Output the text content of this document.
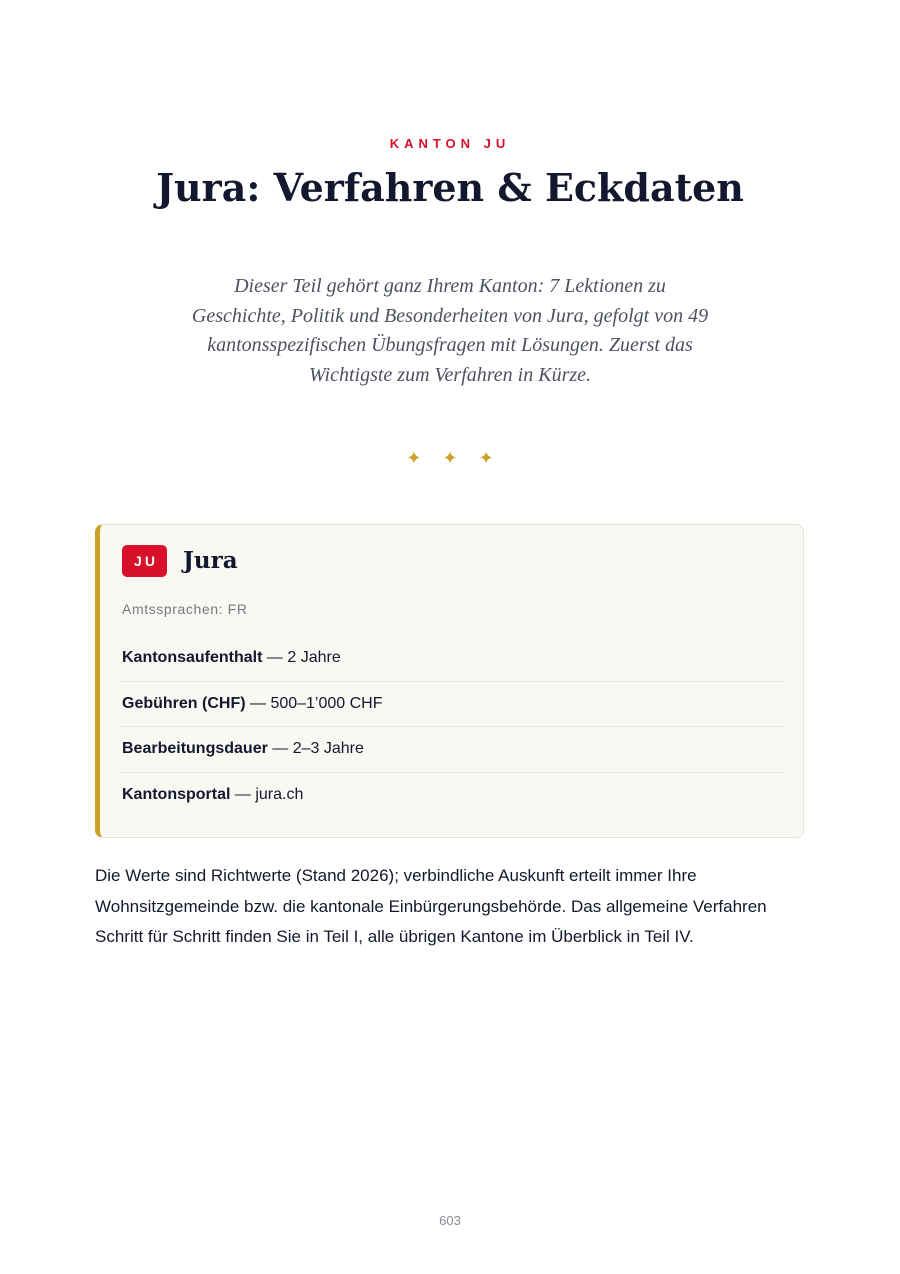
KANTON JU
Jura: Verfahren & Eckdaten

Dieser Teil gehört ganz Ihrem Kanton: 7 Lektionen zu Geschichte, Politik und Besonderheiten von Jura, gefolgt von 49 kantonsspezifischen Übungsfragen mit Lösungen. Zuerst das Wichtigste zum Verfahren in Kürze.

✦ ✦ ✦
JU	Jura
Amtssprachen: FR
Kantonsaufenthalt — 2 Jahre
Gebühren (CHF) — 500–1’000 CHF
Bearbeitungsdauer — 2–3 Jahre
Kantonsportal — jura.ch

Die Werte sind Richtwerte (Stand 2026); verbindliche Auskunft erteilt immer Ihre Wohnsitzgemeinde bzw. die kantonale Einbürgerungsbehörde. Das allgemeine Verfahren Schritt für Schritt finden Sie in Teil I, alle übrigen Kantone im Überblick in Teil IV.

603
